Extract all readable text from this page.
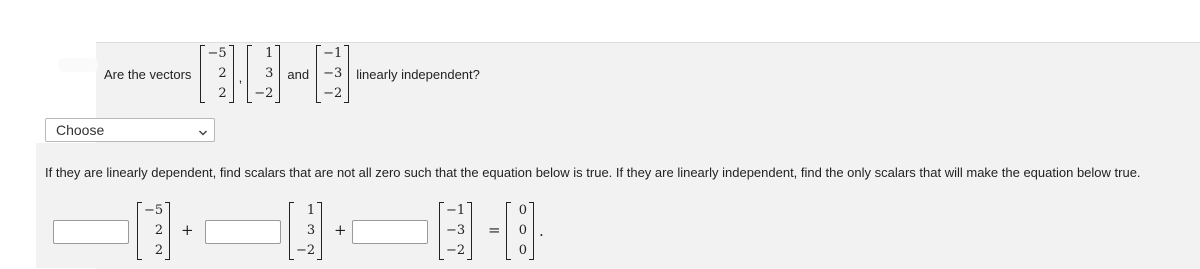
Are the vectors
−5
2
2
,
1
3
−2
and
−1
−3
−2
linearly independent?
Choose
If they are linearly dependent, find scalars that are not all zero such that the equation below is true. If they are linearly independent, find the only scalars that will make the equation below true.
−5
2
2
+
1
3
−2
+
−1
−3
−2
=
0
0
0
.
